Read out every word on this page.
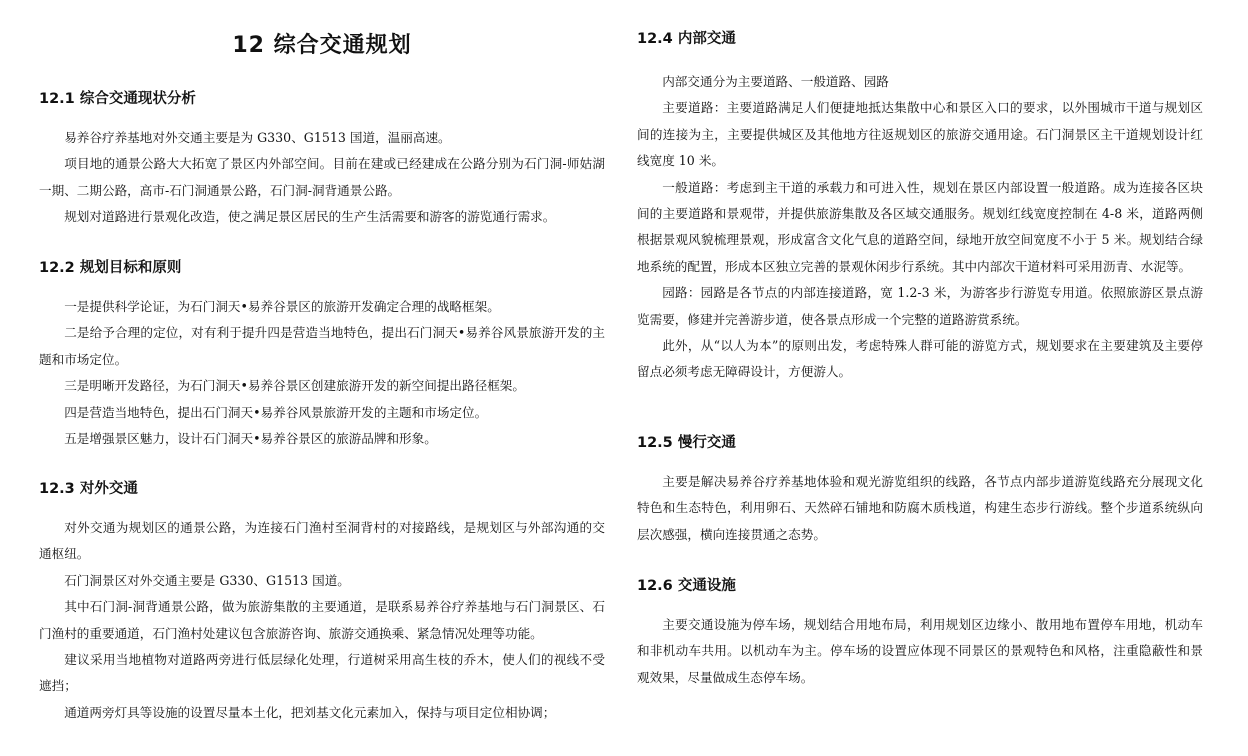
12 综合交通规划
12.1 综合交通现状分析

易养谷疗养基地对外交通主要是为 G330、G1513 国道，温丽高速。

项目地的通景公路大大拓宽了景区内外部空间。目前在建或已经建成在公路分别为石门洞-师姑湖一期、二期公路，高市-石门洞通景公路，石门洞-洞背通景公路。

规划对道路进行景观化改造，使之满足景区居民的生产生活需要和游客的游览通行需求。

12.2 规划目标和原则

一是提供科学论证，为石门洞天•易养谷景区的旅游开发确定合理的战略框架。

二是给予合理的定位，对有利于提升四是营造当地特色，提出石门洞天•易养谷风景旅游开发的主题和市场定位。

三是明晰开发路径，为石门洞天•易养谷景区创建旅游开发的新空间提出路径框架。

四是营造当地特色，提出石门洞天•易养谷风景旅游开发的主题和市场定位。

五是增强景区魅力，设计石门洞天•易养谷景区的旅游品牌和形象。

12.3 对外交通

对外交通为规划区的通景公路，为连接石门渔村至洞背村的对接路线，是规划区与外部沟通的交通枢纽。

石门洞景区对外交通主要是 G330、G1513 国道。

其中石门洞-洞背通景公路，做为旅游集散的主要通道，是联系易养谷疗养基地与石门洞景区、石门渔村的重要通道，石门渔村处建议包含旅游咨询、旅游交通换乘、紧急情况处理等功能。

建议采用当地植物对道路两旁进行低层绿化处理，行道树采用高生枝的乔木，使人们的视线不受遮挡；

通道两旁灯具等设施的设置尽量本土化，把刘基文化元素加入，保持与项目定位相协调；

12.4 内部交通

内部交通分为主要道路、一般道路、园路

主要道路：主要道路满足人们便捷地抵达集散中心和景区入口的要求，以外围城市干道与规划区间的连接为主，主要提供城区及其他地方往返规划区的旅游交通用途。石门洞景区主干道规划设计红线宽度 10 米。

一般道路：考虑到主干道的承载力和可进入性，规划在景区内部设置一般道路。成为连接各区块间的主要道路和景观带，并提供旅游集散及各区域交通服务。规划红线宽度控制在 4-8 米，道路两侧根据景观风貌梳理景观，形成富含文化气息的道路空间，绿地开放空间宽度不小于 5 米。规划结合绿地系统的配置，形成本区独立完善的景观休闲步行系统。其中内部次干道材料可采用沥青、水泥等。

园路：园路是各节点的内部连接道路，宽 1.2-3 米，为游客步行游览专用道。依照旅游区景点游览需要，修建并完善游步道，使各景点形成一个完整的道路游赏系统。

此外，从“以人为本”的原则出发，考虑特殊人群可能的游览方式，规划要求在主要建筑及主要停留点必须考虑无障碍设计，方便游人。

12.5 慢行交通

主要是解决易养谷疗养基地体验和观光游览组织的线路，各节点内部步道游览线路充分展现文化特色和生态特色，利用卵石、天然碎石铺地和防腐木质栈道，构建生态步行游线。整个步道系统纵向层次感强，横向连接贯通之态势。

12.6 交通设施

主要交通设施为停车场，规划结合用地布局，利用规划区边缘小、散用地布置停车用地，机动车和非机动车共用。以机动车为主。停车场的设置应体现不同景区的景观特色和风格，注重隐蔽性和景观效果，尽量做成生态停车场。
